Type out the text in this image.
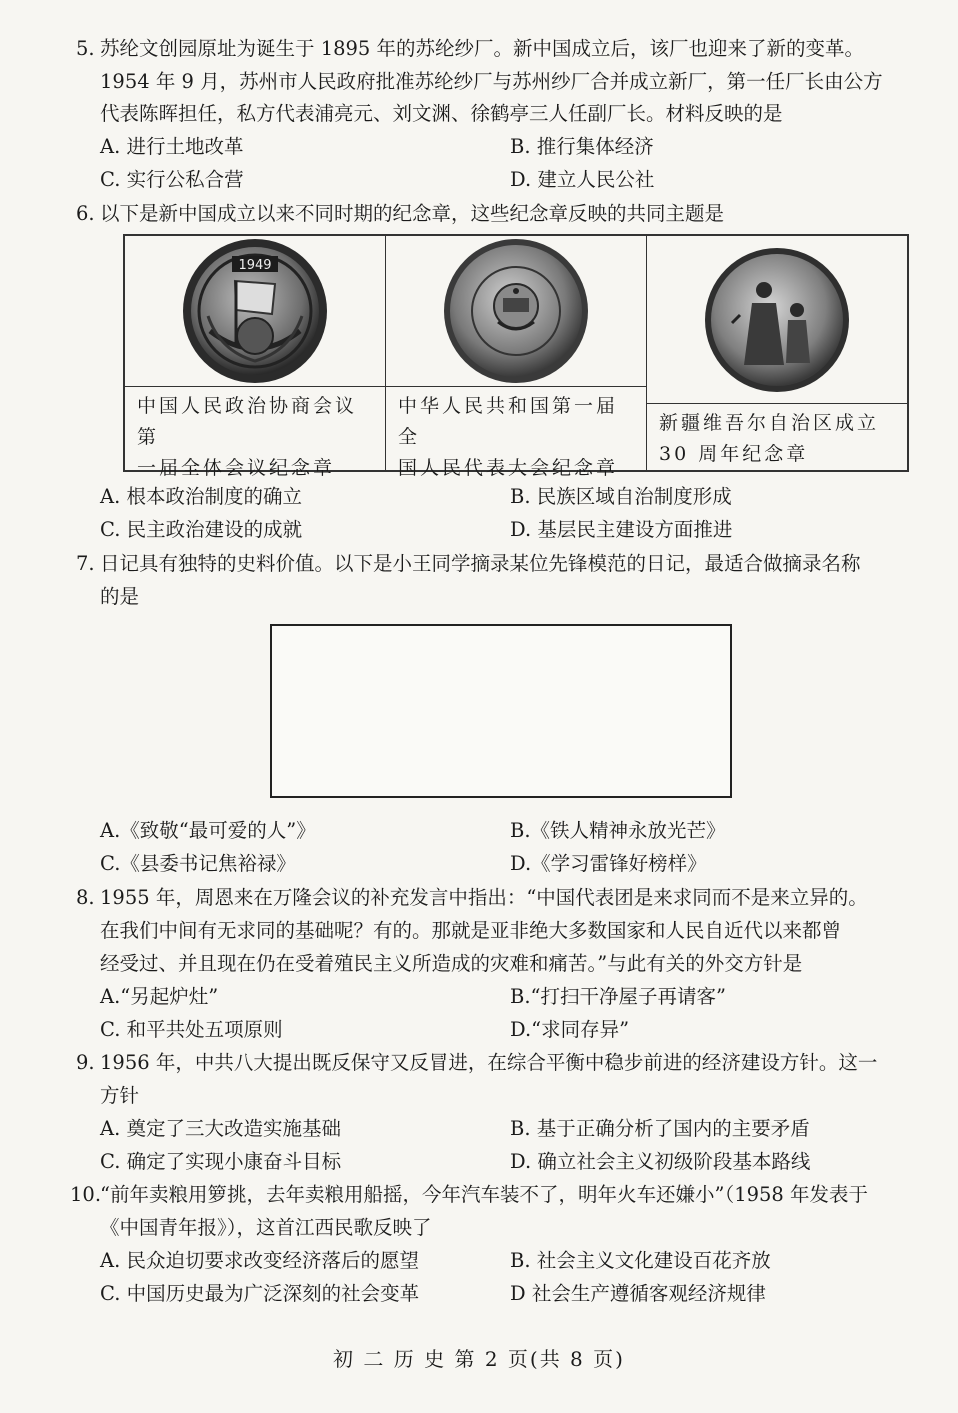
5. 苏纶文创园原址为诞生于 1895 年的苏纶纱厂。新中国成立后，该厂也迎来了新的变革。
1954 年 9 月，苏州市人民政府批准苏纶纱厂与苏州纱厂合并成立新厂，第一任厂长由公方
代表陈晖担任，私方代表浦亮元、刘文渊、徐鹤亭三人任副厂长。材料反映的是
A. 进行土地改革	B. 推行集体经济
C. 实行公私合营	D. 建立人民公社
6. 以下是新中国成立以来不同时期的纪念章，这些纪念章反映的共同主题是
1949
中国人民政治协商会议第
一届全体会议纪念章
中华人民共和国第一届全
国人民代表大会纪念章
新疆维吾尔自治区成立
30 周年纪念章
A. 根本政治制度的确立	B. 民族区域自治制度形成
C. 民主政治建设的成就	D. 基层民主建设方面推进
7. 日记具有独特的史料价值。以下是小王同学摘录某位先锋模范的日记，最适合做摘录名称
的是
A.《致敬“最可爱的人”》	B.《铁人精神永放光芒》
C.《县委书记焦裕禄》	D.《学习雷锋好榜样》
8. 1955 年，周恩来在万隆会议的补充发言中指出：“中国代表团是来求同而不是来立异的。
在我们中间有无求同的基础呢？有的。那就是亚非绝大多数国家和人民自近代以来都曾
经受过、并且现在仍在受着殖民主义所造成的灾难和痛苦。”与此有关的外交方针是
A.“另起炉灶”	B.“打扫干净屋子再请客”
C. 和平共处五项原则	D.“求同存异”
9. 1956 年，中共八大提出既反保守又反冒进，在综合平衡中稳步前进的经济建设方针。这一
方针
A. 奠定了三大改造实施基础	B. 基于正确分析了国内的主要矛盾
C. 确定了实现小康奋斗目标	D. 确立社会主义初级阶段基本路线
10.
“前年卖粮用箩挑，去年卖粮用船摇，今年汽车装不了，明年火车还嫌小”（1958 年发表于
《中国青年报》），这首江西民歌反映了
A. 民众迫切要求改变经济落后的愿望	B. 社会主义文化建设百花齐放
C. 中国历史最为广泛深刻的社会变革	D 社会生产遵循客观经济规律
初 二 历 史 第 2 页(共 8 页)
